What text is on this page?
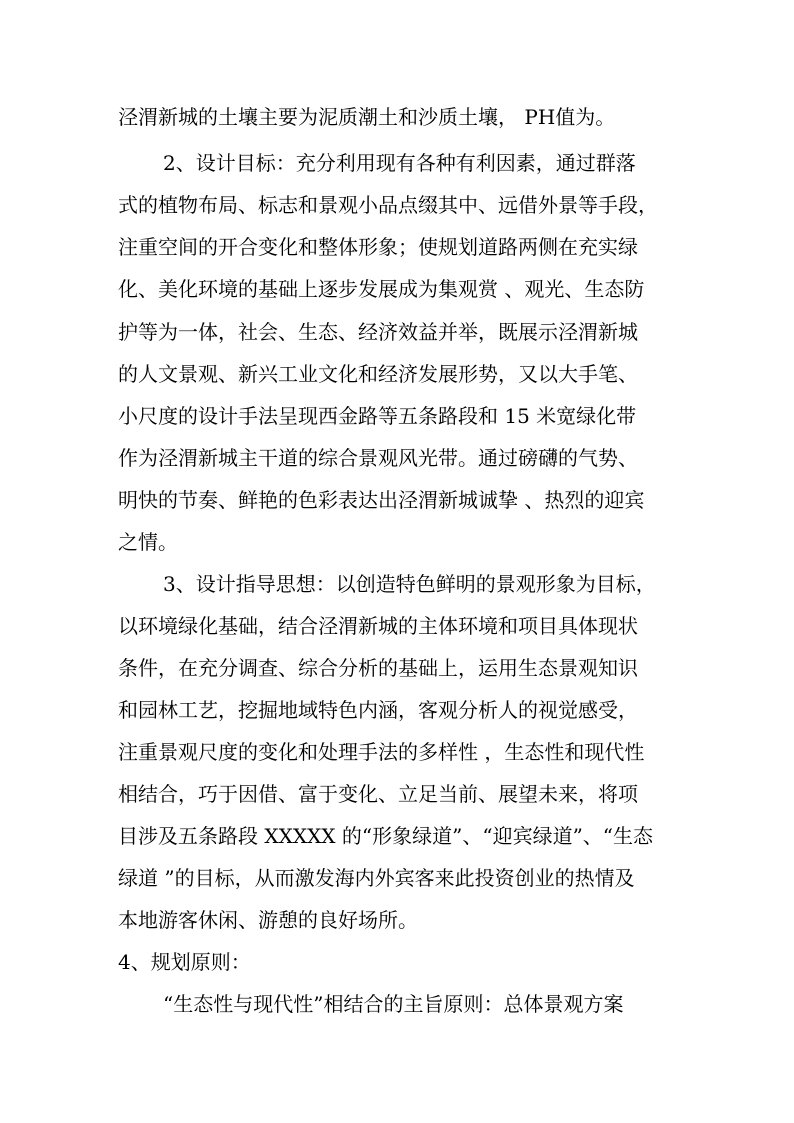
泾渭新城的土壤主要为泥质潮土和沙质土壤， PH值为。
2、设计目标：充分利用现有各种有利因素，通过群落
式的植物布局、标志和景观小品点缀其中、远借外景等手段，
注重空间的开合变化和整体形象；使规划道路两侧在充实绿
化、美化环境的基础上逐步发展成为集观赏 、观光、生态防
护等为一体，社会、生态、经济效益并举，既展示泾渭新城
的人文景观、新兴工业文化和经济发展形势，又以大手笔、
小尺度的设计手法呈现西金路等五条路段和 15 米宽绿化带
作为泾渭新城主干道的综合景观风光带。通过磅礴的气势、
明快的节奏、鲜艳的色彩表达出泾渭新城诚挚 、热烈的迎宾
之情。
3、设计指导思想：以创造特色鲜明的景观形象为目标，
以环境绿化基础，结合泾渭新城的主体环境和项目具体现状
条件，在充分调查、综合分析的基础上，运用生态景观知识
和园林工艺，挖掘地域特色内涵，客观分析人的视觉感受，
注重景观尺度的变化和处理手法的多样性 ，生态性和现代性
相结合，巧于因借、富于变化、立足当前、展望未来，将项
目涉及五条路段 XXXXX 的“形象绿道”、“迎宾绿道”、“生态
绿道 ”的目标，从而激发海内外宾客来此投资创业的热情及
本地游客休闲、游憩的良好场所。
4、规划原则：
“生态性与现代性”相结合的主旨原则：总体景观方案
